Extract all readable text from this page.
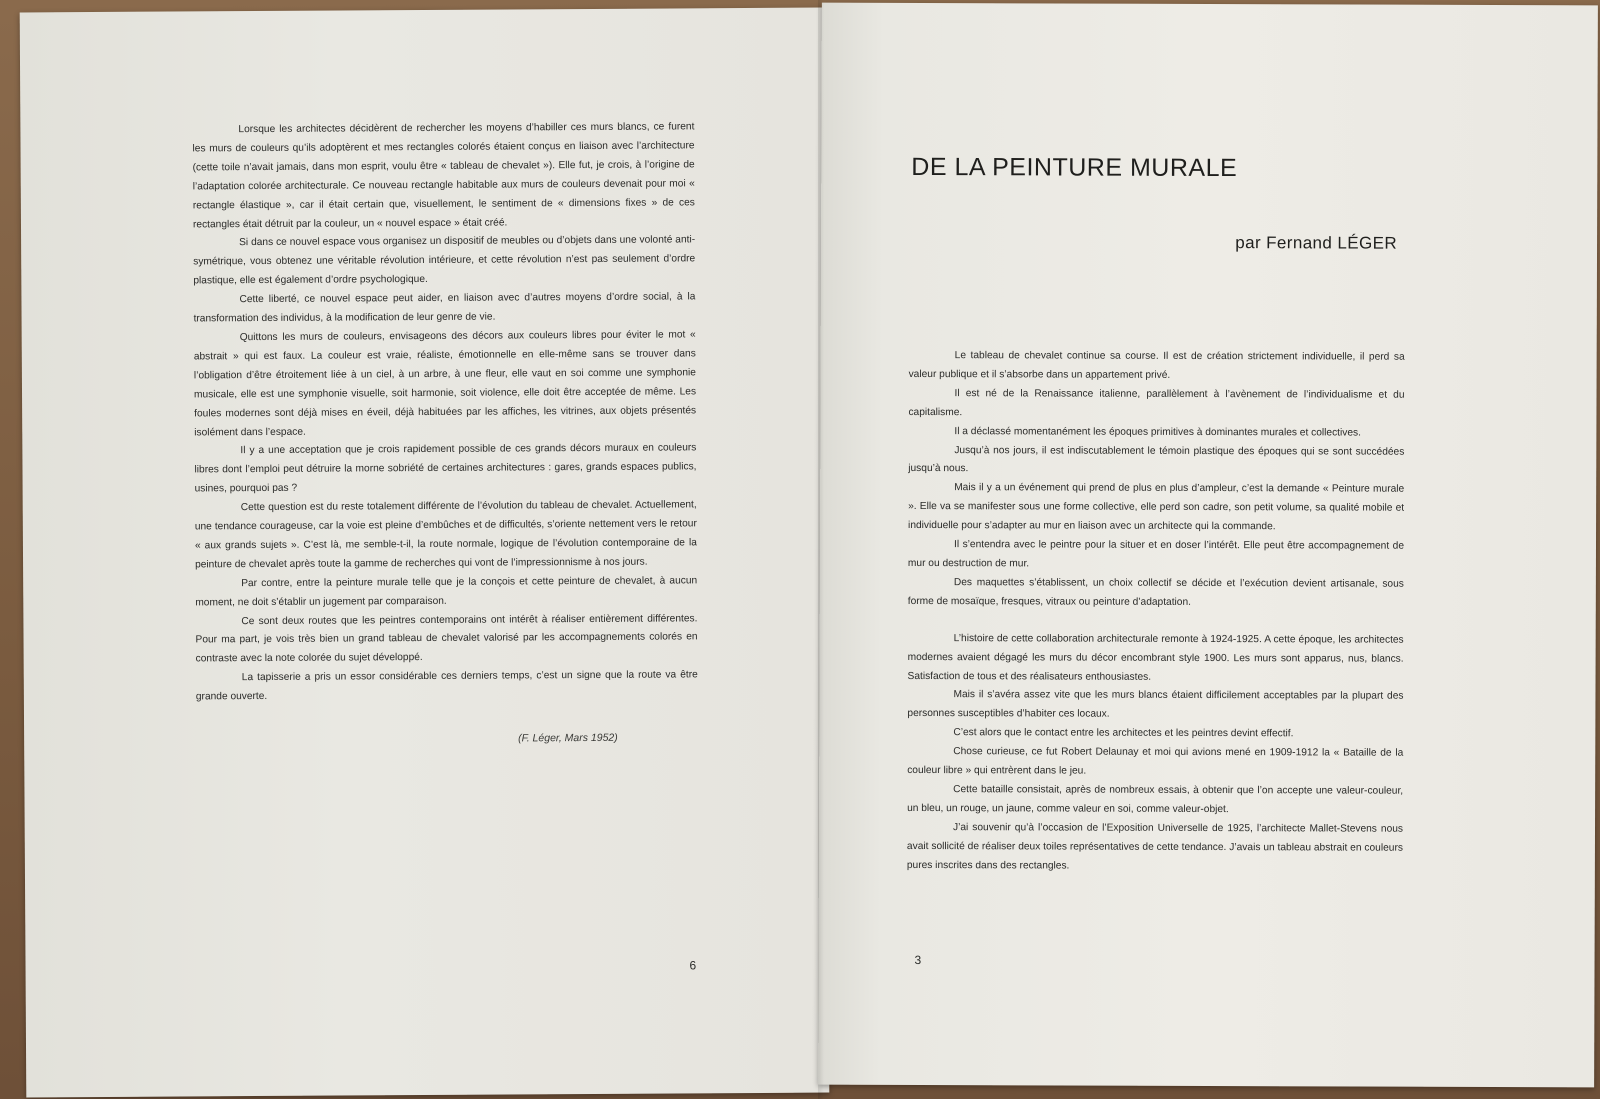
Lorsque les architectes décidèrent de rechercher les moyens d’habiller ces murs blancs, ce furent les murs de couleurs qu’ils adoptèrent et mes rectangles colorés étaient conçus en liaison avec l’architecture (cette toile n’avait jamais, dans mon esprit, voulu être « tableau de chevalet »). Elle fut, je crois, à l’origine de l’adaptation colorée architecturale. Ce nouveau rectangle habitable aux murs de couleurs devenait pour moi « rectangle élastique », car il était certain que, visuellement, le sentiment de « dimensions fixes » de ces rectangles était détruit par la couleur, un « nouvel espace » était créé.

Si dans ce nouvel espace vous organisez un dispositif de meubles ou d’objets dans une volonté anti-symétrique, vous obtenez une véritable révolution intérieure, et cette révolution n’est pas seulement d’ordre plastique, elle est également d’ordre psychologique.

Cette liberté, ce nouvel espace peut aider, en liaison avec d’autres moyens d’ordre social, à la transformation des individus, à la modification de leur genre de vie.

Quittons les murs de couleurs, envisageons des décors aux couleurs libres pour éviter le mot « abstrait » qui est faux. La couleur est vraie, réaliste, émotionnelle en elle-même sans se trouver dans l’obligation d’être étroitement liée à un ciel, à un arbre, à une fleur, elle vaut en soi comme une symphonie musicale, elle est une symphonie visuelle, soit harmonie, soit violence, elle doit être acceptée de même. Les foules modernes sont déjà mises en éveil, déjà habituées par les affiches, les vitrines, aux objets présentés isolément dans l’espace.

Il y a une acceptation que je crois rapidement possible de ces grands décors muraux en couleurs libres dont l’emploi peut détruire la morne sobriété de certaines architectures : gares, grands espaces publics, usines, pourquoi pas ?

Cette question est du reste totalement différente de l’évolution du tableau de chevalet. Actuellement, une tendance courageuse, car la voie est pleine d’embûches et de difficultés, s’oriente nettement vers le retour « aux grands sujets ». C’est là, me semble-t-il, la route normale, logique de l’évolution contemporaine de la peinture de chevalet après toute la gamme de recherches qui vont de l’impressionnisme à nos jours.

Par contre, entre la peinture murale telle que je la conçois et cette peinture de chevalet, à aucun moment, ne doit s’établir un jugement par comparaison.

Ce sont deux routes que les peintres contemporains ont intérêt à réaliser entièrement différentes. Pour ma part, je vois très bien un grand tableau de chevalet valorisé par les accompagnements colorés en contraste avec la note colorée du sujet développé.

La tapisserie a pris un essor considérable ces derniers temps, c’est un signe que la route va être grande ouverte.

(F. Léger, Mars 1952)
6
DE LA PEINTURE MURALE
par Fernand LÉGER

Le tableau de chevalet continue sa course. Il est de création strictement individuelle, il perd sa valeur publique et il s’absorbe dans un appartement privé.

Il est né de la Renaissance italienne, parallèlement à l’avènement de l’individualisme et du capitalisme.

Il a déclassé momentanément les époques primitives à dominantes murales et collectives.

Jusqu’à nos jours, il est indiscutablement le témoin plastique des époques qui se sont succédées jusqu’à nous.

Mais il y a un événement qui prend de plus en plus d’ampleur, c’est la demande « Peinture murale ». Elle va se manifester sous une forme collective, elle perd son cadre, son petit volume, sa qualité mobile et individuelle pour s’adapter au mur en liaison avec un architecte qui la commande.

Il s’entendra avec le peintre pour la situer et en doser l’intérêt. Elle peut être accompagnement de mur ou destruction de mur.

Des maquettes s’établissent, un choix collectif se décide et l’exécution devient artisanale, sous forme de mosaïque, fresques, vitraux ou peinture d’adaptation.

L’histoire de cette collaboration architecturale remonte à 1924-1925. A cette époque, les architectes modernes avaient dégagé les murs du décor encombrant style 1900. Les murs sont apparus, nus, blancs. Satisfaction de tous et des réalisateurs enthousiastes.

Mais il s’avéra assez vite que les murs blancs étaient difficilement acceptables par la plupart des personnes susceptibles d’habiter ces locaux.

C’est alors que le contact entre les architectes et les peintres devint effectif.

Chose curieuse, ce fut Robert Delaunay et moi qui avions mené en 1909-1912 la « Bataille de la couleur libre » qui entrèrent dans le jeu.

Cette bataille consistait, après de nombreux essais, à obtenir que l’on accepte une valeur-couleur, un bleu, un rouge, un jaune, comme valeur en soi, comme valeur-objet.

J’ai souvenir qu’à l’occasion de l’Exposition Universelle de 1925, l’architecte Mallet-Stevens nous avait sollicité de réaliser deux toiles représentatives de cette tendance. J’avais un tableau abstrait en couleurs pures inscrites dans des rectangles.

3
